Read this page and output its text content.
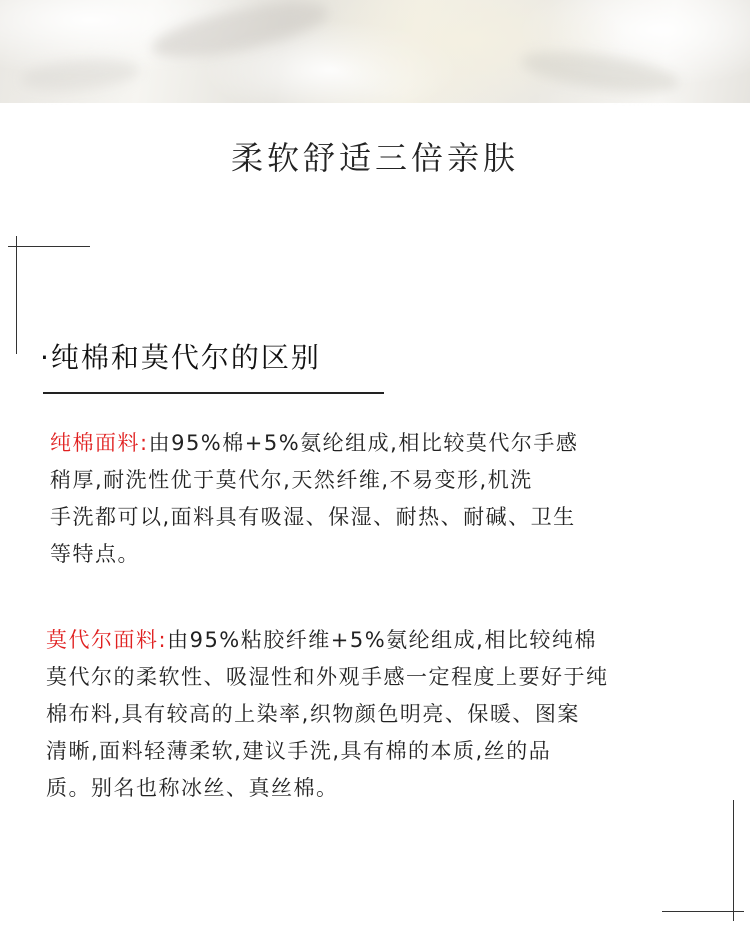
柔软舒适三倍亲肤
·纯棉和莫代尔的区别
纯棉面料:由95%棉+5%氨纶组成,相比较莫代尔手感
稍厚,耐洗性优于莫代尔,天然纤维,不易变形,机洗
手洗都可以,面料具有吸湿、保湿、耐热、耐碱、卫生
等特点。
莫代尔面料:由95%粘胶纤维+5%氨纶组成,相比较纯棉
莫代尔的柔软性、吸湿性和外观手感一定程度上要好于纯
棉布料,具有较高的上染率,织物颜色明亮、保暖、图案
清晰,面料轻薄柔软,建议手洗,具有棉的本质,丝的品
质。别名也称冰丝、真丝棉。
